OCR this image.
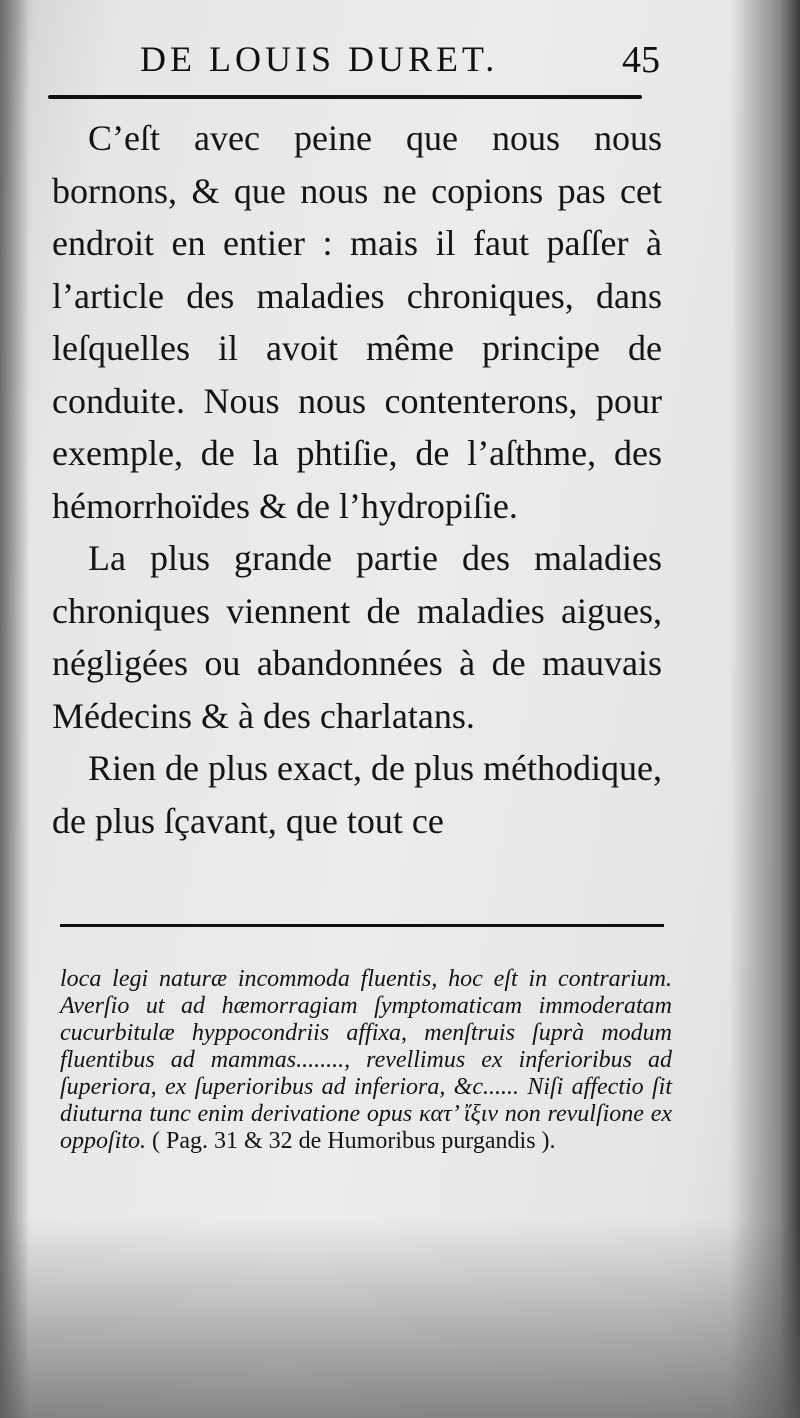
DE LOUIS DURET.	45

C’eſt avec peine que nous nous bornons, & que nous ne copions pas cet endroit en entier : mais il faut paſſer à l’article des maladies chroniques, dans leſquelles il avoit même principe de conduite. Nous nous contenterons, pour exemple, de la phtiſie, de l’aſthme, des hémorrhoïdes & de l’hydropiſie.

La plus grande partie des maladies chroniques viennent de maladies aigues, négligées ou abandonnées à de mauvais Médecins & à des charlatans.

Rien de plus exact, de plus méthodique, de plus ſçavant, que tout ce

loca legi naturæ incommoda fluentis, hoc eſt in contrarium. Averſio ut ad hæmorragiam ſymptomaticam immoderatam cucurbitulæ hyppocondriis affixa, menſtruis ſuprà modum fluentibus ad mammas........, revellimus ex inferioribus ad ſuperiora, ex ſuperioribus ad inferiora, &c...... Niſi affectio ſit diuturna tunc enim derivatione opus κατ’ ἴξιν non revulſione ex oppoſito. ( Pag. 31 & 32 de Humoribus purgandis ).
